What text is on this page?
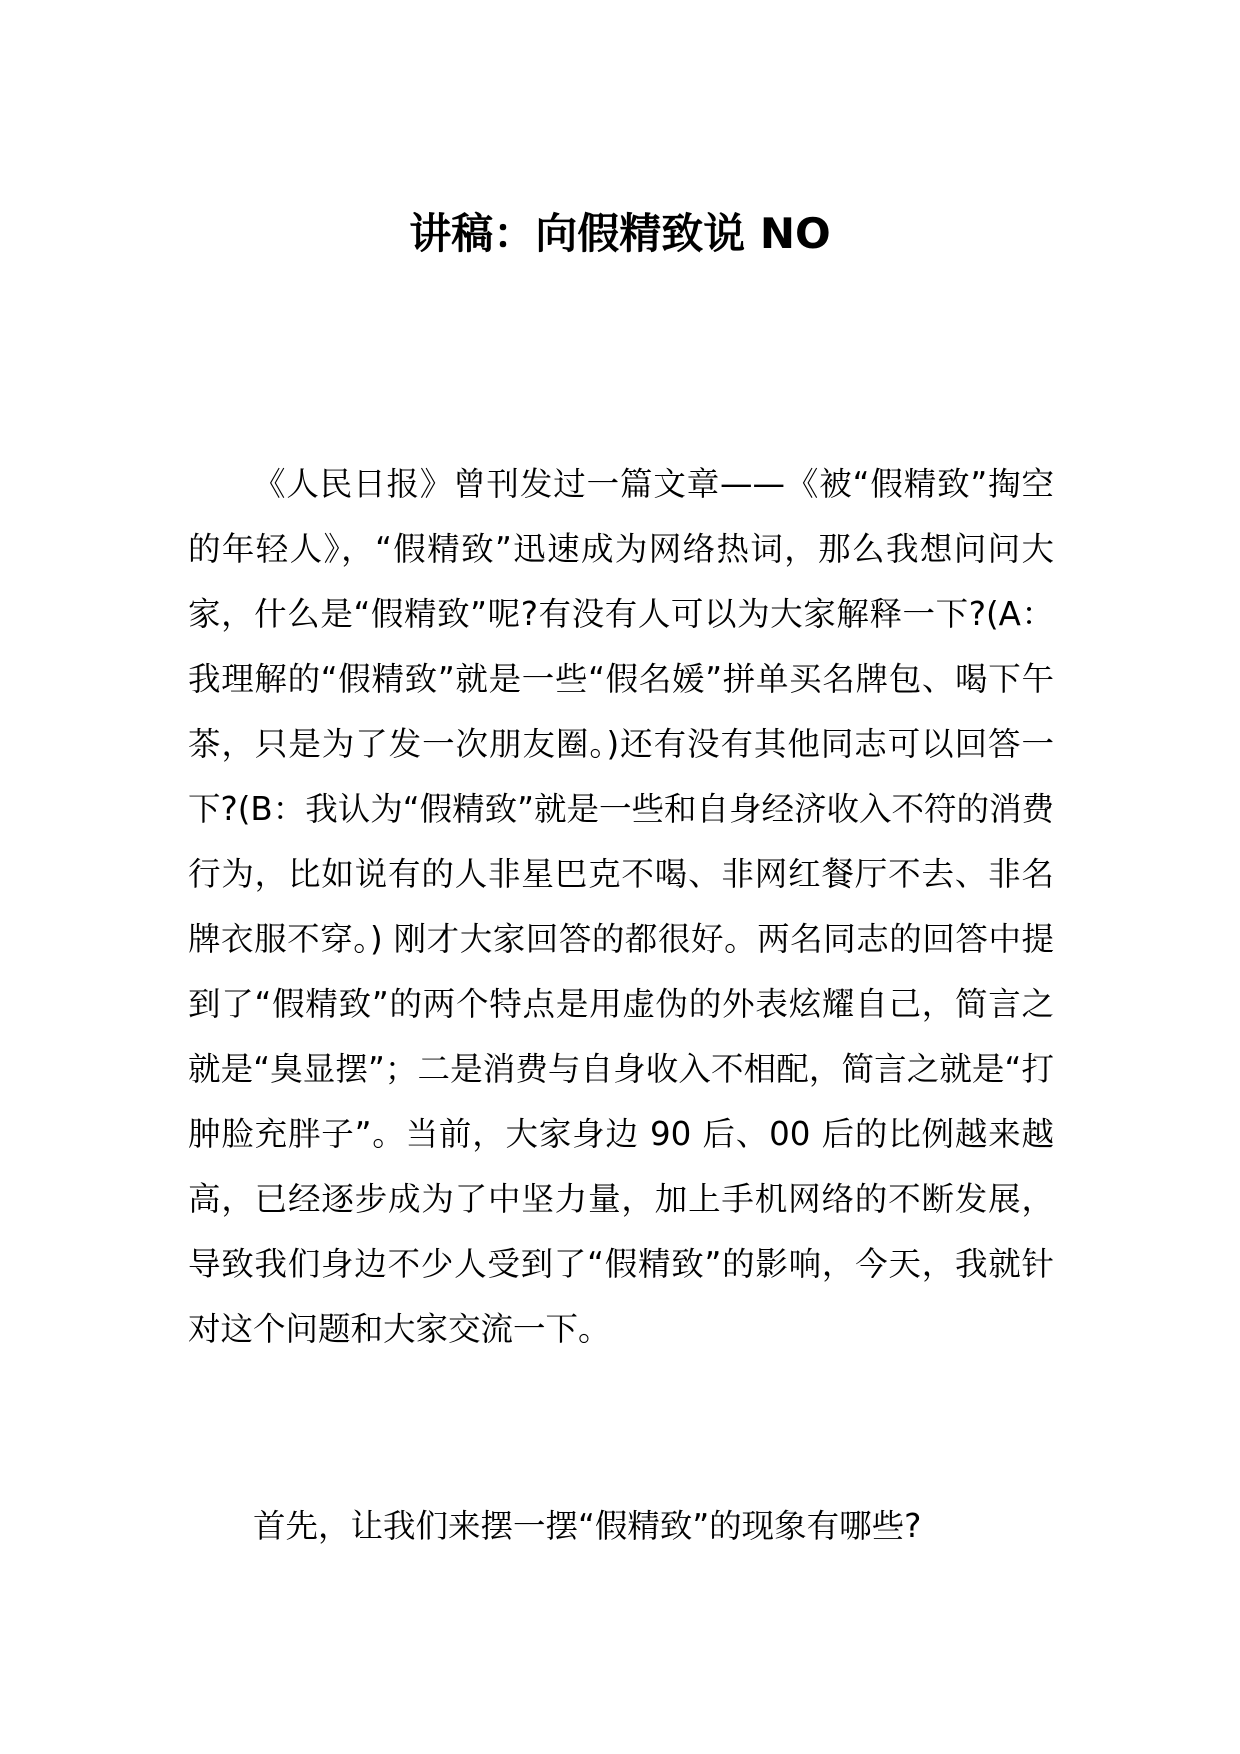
讲稿：向假精致说 NO
《人民日报》曾刊发过一篇文章——《被“假精致”掏空的年轻人》，“假精致”迅速成为网络热词，那么我想问问大家，什么是“假精致”呢?有没有人可以为大家解释一下?(A：我理解的“假精致”就是一些“假名媛”拼单买名牌包、喝下午茶，只是为了发一次朋友圈。)还有没有其他同志可以回答一下?(B：我认为“假精致”就是一些和自身经济收入不符的消费行为，比如说有的人非星巴克不喝、非网红餐厅不去、非名牌衣服不穿。) 刚才大家回答的都很好。两名同志的回答中提到了“假精致”的两个特点是用虚伪的外表炫耀自己，简言之就是“臭显摆”；二是消费与自身收入不相配，简言之就是“打肿脸充胖子”。当前，大家身边 90 后、00 后的比例越来越高，已经逐步成为了中坚力量，加上手机网络的不断发展，导致我们身边不少人受到了“假精致”的影响，今天，我就针对这个问题和大家交流一下。
首先，让我们来摆一摆“假精致”的现象有哪些?
